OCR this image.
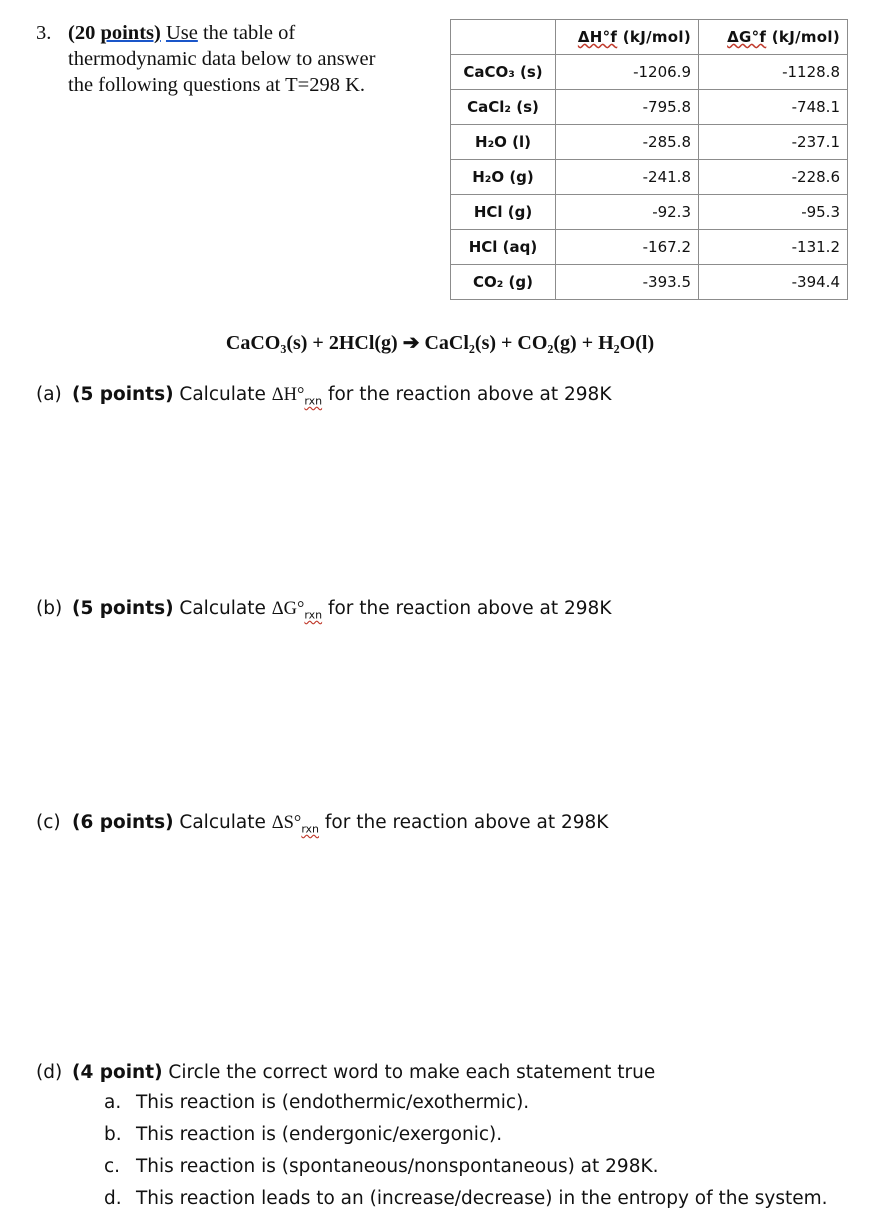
3. (20 points) Use the table of
thermodynamic data below to answer
the following questions at T=298 K.
	ΔH°f (kJ/mol)	ΔG°f (kJ/mol)
CaCO₃ (s)	-1206.9	-1128.8
CaCl₂ (s)	-795.8	-748.1
H₂O (l)	-285.8	-237.1
H₂O (g)	-241.8	-228.6
HCl (g)	-92.3	-95.3
HCl (aq)	-167.2	-131.2
CO₂ (g)	-393.5	-394.4
CaCO₃(s) + 2HCl(g) ➔ CaCl₂(s) + CO₂(g) + H₂O(l)
(a) (5 points) Calculate $\Delta H^\circ_{rxn}$ for the reaction above at 298K
(b) (5 points) Calculate $\Delta G^\circ_{rxn}$ for the reaction above at 298K
(c) (6 points) Calculate $\Delta S^\circ_{rxn}$ for the reaction above at 298K
(d) (4 point) Circle the correct word to make each statement true
a. This reaction is (endothermic/exothermic).
b. This reaction is (endergonic/exergonic).
c. This reaction is (spontaneous/nonspontaneous) at 298K.
d. This reaction leads to an (increase/decrease) in the entropy of the system.
